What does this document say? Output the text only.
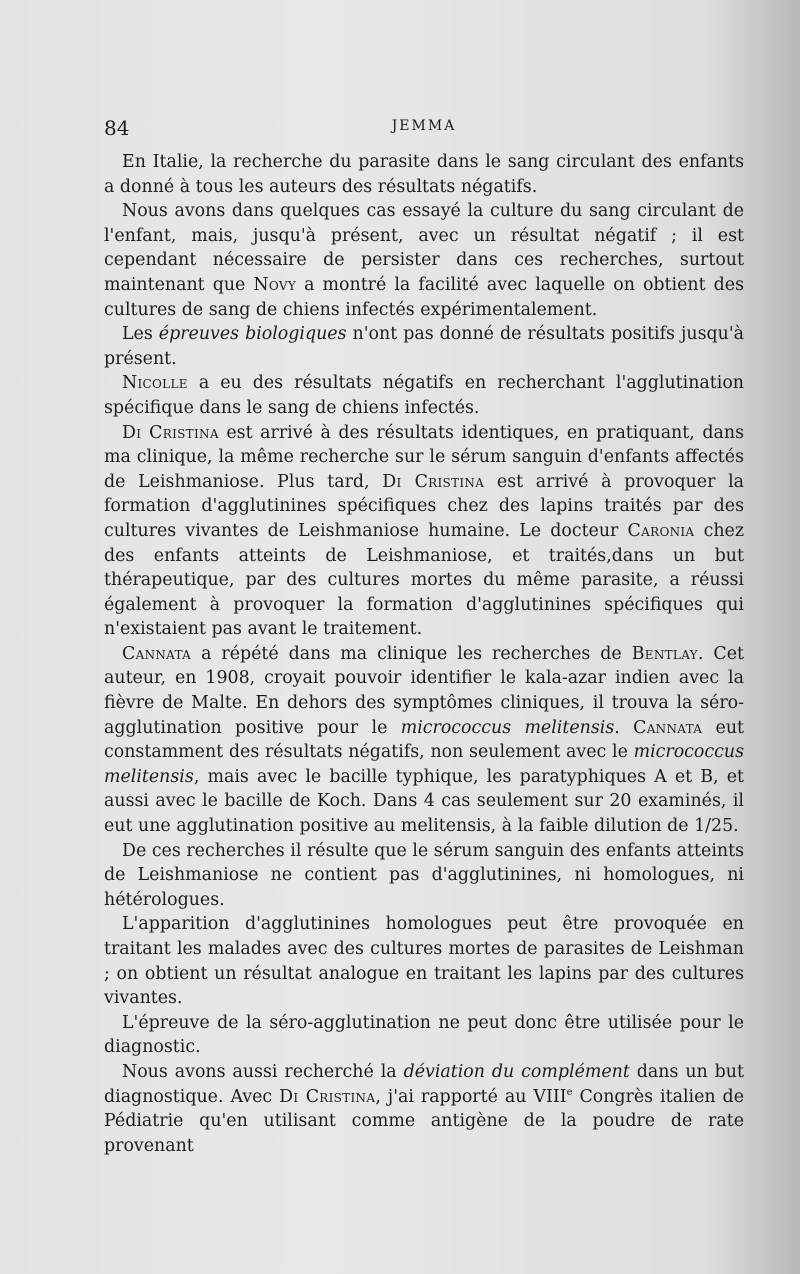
84	JEMMA

En Italie, la recherche du parasite dans le sang circulant des enfants a donné à tous les auteurs des résultats négatifs.

Nous avons dans quelques cas essayé la culture du sang circulant de l'enfant, mais, jusqu'à présent, avec un résultat négatif ; il est cependant nécessaire de persister dans ces recherches, surtout maintenant que Novy a montré la facilité avec laquelle on obtient des cultures de sang de chiens infectés expérimentalement.

Les épreuves biologiques n'ont pas donné de résultats positifs jusqu'à présent.

Nicolle a eu des résultats négatifs en recherchant l'agglutination spécifique dans le sang de chiens infectés.

Di Cristina est arrivé à des résultats identiques, en pratiquant, dans ma clinique, la même recherche sur le sérum sanguin d'enfants affectés de Leishmaniose. Plus tard, Di Cristina est arrivé à provoquer la formation d'agglutinines spécifiques chez des lapins traités par des cultures vivantes de Leishmaniose humaine. Le docteur Caronia chez des enfants atteints de Leishmaniose, et traités,dans un but thérapeutique, par des cultures mortes du même parasite, a réussi également à provoquer la formation d'agglutinines spécifiques qui n'existaient pas avant le traitement.

Cannata a répété dans ma clinique les recherches de Bentlay. Cet auteur, en 1908, croyait pouvoir identifier le kala-azar indien avec la fièvre de Malte. En dehors des symptômes cliniques, il trouva la séro-agglutination positive pour le micrococcus melitensis. Cannata eut constamment des résultats négatifs, non seulement avec le micrococcus melitensis, mais avec le bacille typhique, les paratyphiques A et B, et aussi avec le bacille de Koch. Dans 4 cas seulement sur 20 examinés, il eut une agglutination positive au melitensis, à la faible dilution de 1/25.

De ces recherches il résulte que le sérum sanguin des enfants atteints de Leishmaniose ne contient pas d'agglutinines, ni homologues, ni hétérologues.

L'apparition d'agglutinines homologues peut être provoquée en traitant les malades avec des cultures mortes de parasites de Leishman ; on obtient un résultat analogue en traitant les lapins par des cultures vivantes.

L'épreuve de la séro-agglutination ne peut donc être utilisée pour le diagnostic.

Nous avons aussi recherché la déviation du complément dans un but diagnostique. Avec Di Cristina, j'ai rapporté au VIIIe Congrès italien de Pédiatrie qu'en utilisant comme antigène de la poudre de rate provenant
